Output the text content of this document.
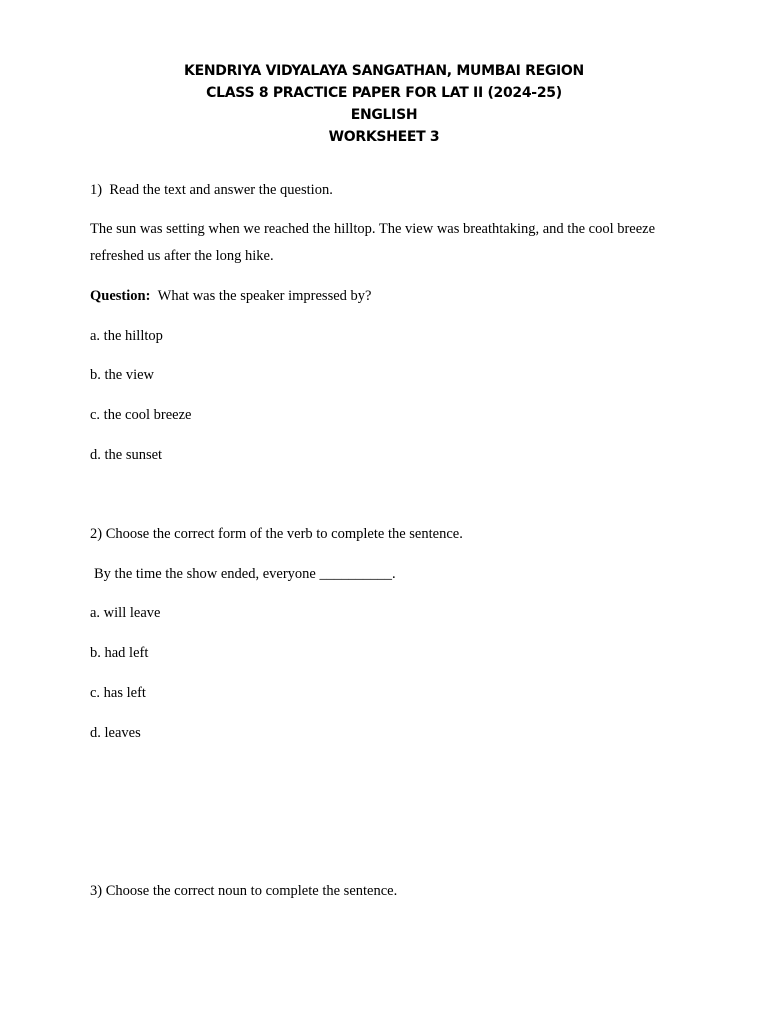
KENDRIYA VIDYALAYA SANGATHAN, MUMBAI REGION
CLASS 8 PRACTICE PAPER FOR LAT II (2024-25)
ENGLISH
WORKSHEET 3
1) Read the text and answer the question.
The sun was setting when we reached the hilltop. The view was breathtaking, and the cool breeze refreshed us after the long hike.
Question: What was the speaker impressed by?
a. the hilltop
b. the view
c. the cool breeze
d. the sunset
2) Choose the correct form of the verb to complete the sentence.
By the time the show ended, everyone __________.
a. will leave
b. had left
c. has left
d. leaves
3) Choose the correct noun to complete the sentence.
